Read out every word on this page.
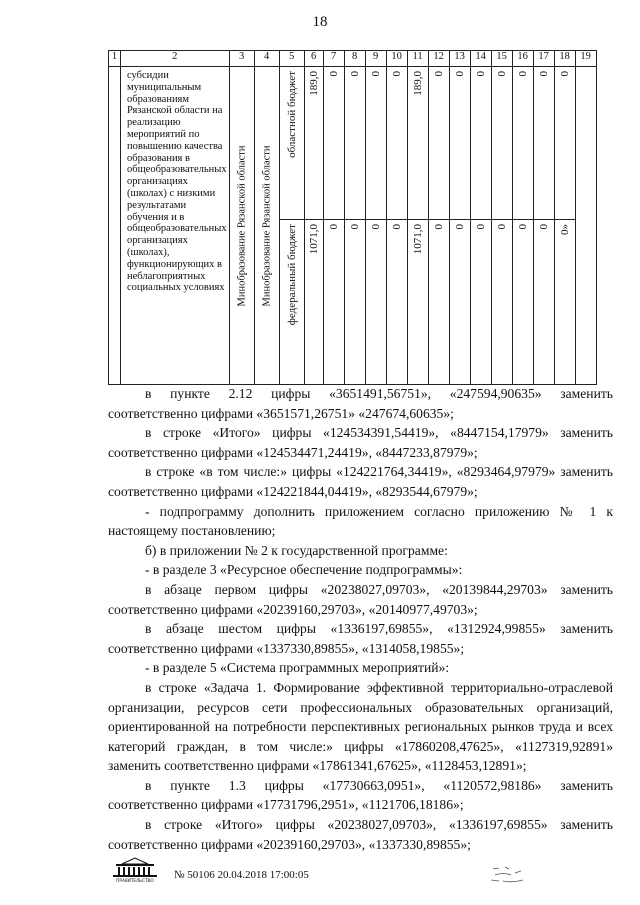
18
1	2	3	4	5	6	7	8	9	10	11	12	13	14	15	16	17	18	19
	субсидии муниципальным образованиям Рязанской области на реализацию мероприятий по повышению качества образования в общеобразовательных организациях (школах) с низкими результатами обучения и в общеобразовательных организациях (школах), функционирующих в неблагоприятных социальных условиях	Минобразование Рязанской области	Минобразование Рязанской области	областной бюджет	189,0	0	0	0	0	189,0	0	0	0	0	0	0	0	

				федеральный бюджет	1071,0	0	0	0	0	1071,0	0	0	0	0	0	0	0»	

в пункте 2.12 цифры «3651491,56751», «247594,90635» заменить соответственно цифрами «3651571,26751» «247674,60635»;

в строке «Итого» цифры «124534391,54419», «8447154,17979» заменить соответственно цифрами «124534471,24419», «8447233,87979»;

в строке «в том числе:» цифры «124221764,34419», «8293464,97979» заменить соответственно цифрами «124221844,04419», «8293544,67979»;

- подпрограмму дополнить приложением согласно приложению № 1 к настоящему постановлению;

б) в приложении № 2 к государственной программе:

- в разделе 3 «Ресурсное обеспечение подпрограммы»:

в абзаце первом цифры «20238027,09703», «20139844,29703» заменить соответственно цифрами «20239160,29703», «20140977,49703»;

в абзаце шестом цифры «1336197,69855», «1312924,99855» заменить соответственно цифрами «1337330,89855», «1314058,19855»;

- в разделе 5 «Система программных мероприятий»:

в строке «Задача 1. Формирование эффективной территориально-отраслевой организации, ресурсов сети профессиональных образовательных организаций, ориентированной на потребности перспективных региональных рынков труда и всех категорий граждан, в том числе:» цифры «17860208,47625», «1127319,92891» заменить соответственно цифрами «17861341,67625», «1128453,12891»;

в пункте 1.3 цифры «17730663,0951», «1120572,98186» заменить соответственно цифрами «17731796,2951», «1121706,18186»;

в строке «Итого» цифры «20238027,09703», «1336197,69855» заменить соответственно цифрами «20239160,29703», «1337330,89855»;

ПРАВИТЕЛЬСТВО № 50106 20.04.2018 17:00:05
